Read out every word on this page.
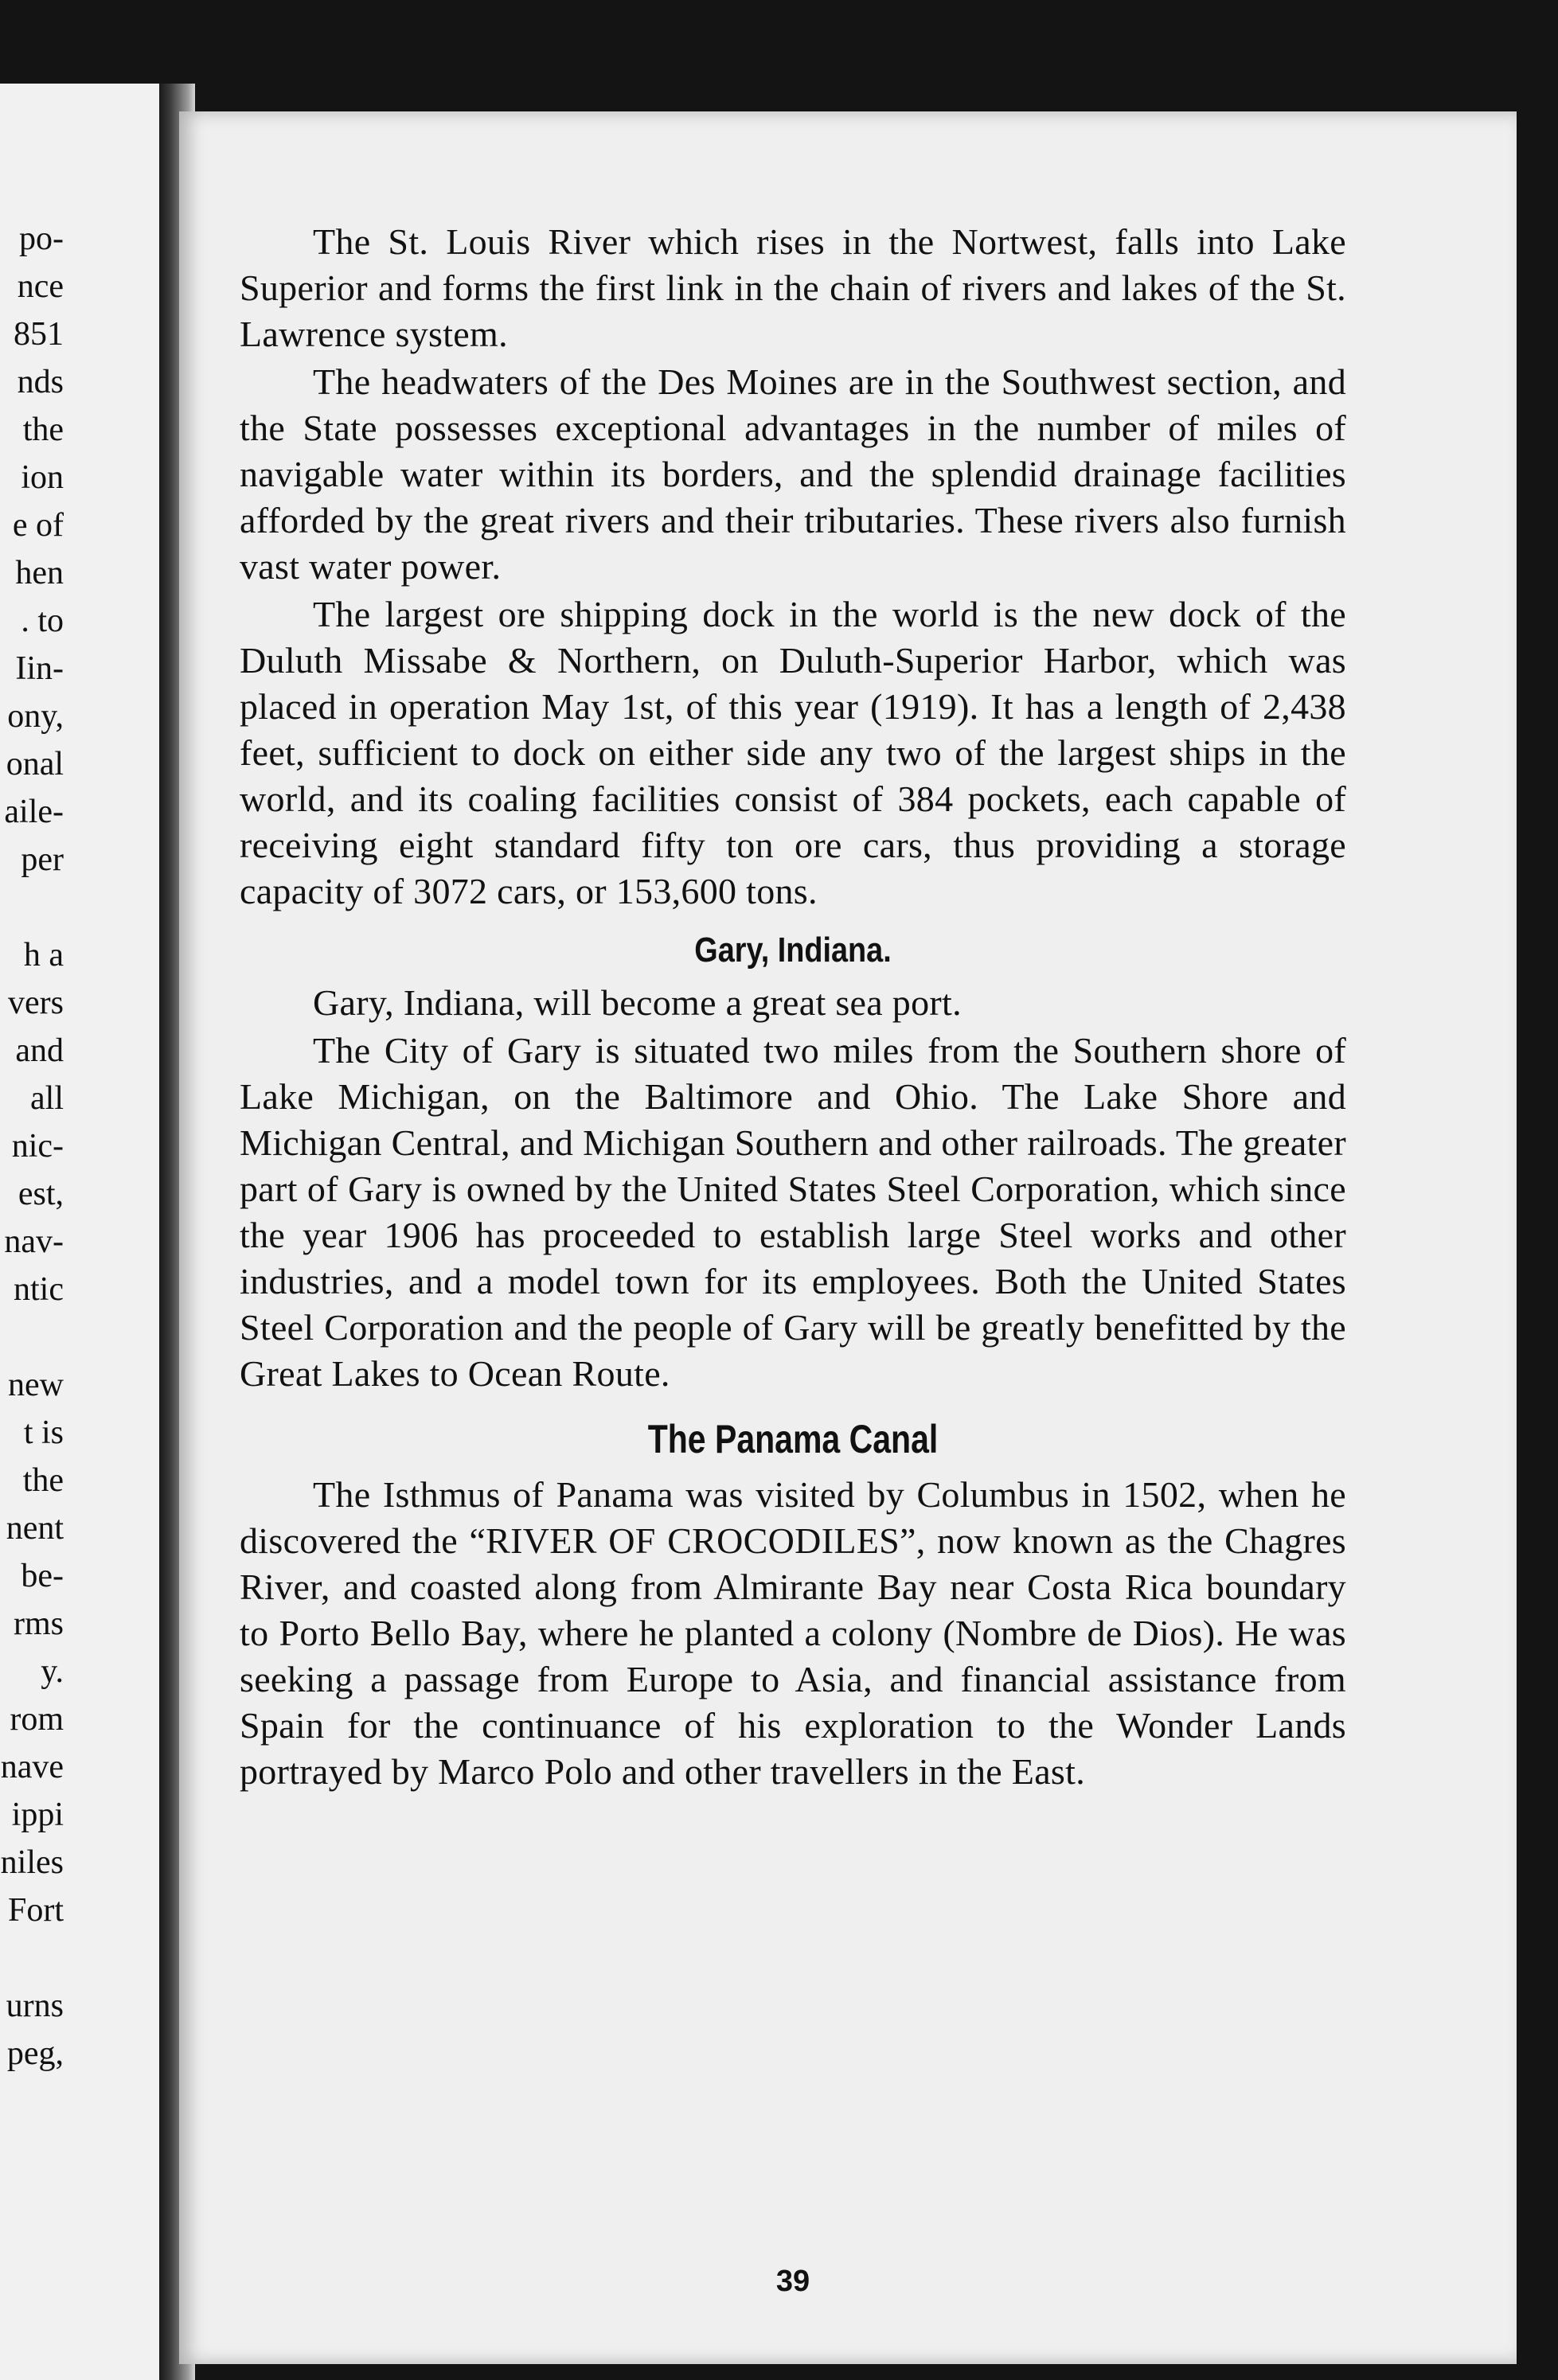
po-
nce
851
nds
the
ion
e of
hen
. to
Iin-
ony,
onal
aile-
per
h a
vers
and
all
nic-
est,
nav-
ntic
new
t is
the
nent
be-
rms
y.
rom
nave
ippi
niles
Fort
urns
peg,

The St. Louis River which rises in the Nortwest, falls into Lake Superior and forms the first link in the chain of rivers and lakes of the St. Lawrence system.

The headwaters of the Des Moines are in the Southwest section, and the State possesses exceptional advantages in the number of miles of navigable water within its borders, and the splendid drainage facilities afforded by the great rivers and their tributaries. These rivers also furnish vast water power.

The largest ore shipping dock in the world is the new dock of the Duluth Missabe & Northern, on Duluth-Superior Harbor, which was placed in operation May 1st, of this year (1919). It has a length of 2,438 feet, sufficient to dock on either side any two of the largest ships in the world, and its coaling facilities consist of 384 pockets, each capable of receiving eight standard fifty ton ore cars, thus providing a storage capacity of 3072 cars, or 153,600 tons.

Gary, Indiana.

Gary, Indiana, will become a great sea port.

The City of Gary is situated two miles from the Southern shore of Lake Michigan, on the Baltimore and Ohio. The Lake Shore and Michigan Central, and Michigan Southern and other railroads. The greater part of Gary is owned by the United States Steel Corporation, which since the year 1906 has proceeded to establish large Steel works and other industries, and a model town for its employees. Both the United States Steel Corporation and the people of Gary will be greatly benefitted by the Great Lakes to Ocean Route.

The Panama Canal

The Isthmus of Panama was visited by Columbus in 1502, when he discovered the “RIVER OF CROCODILES”, now known as the Chagres River, and coasted along from Almirante Bay near Costa Rica boundary to Porto Bello Bay, where he planted a colony (Nombre de Dios). He was seeking a passage from Europe to Asia, and financial assistance from Spain for the continuance of his exploration to the Wonder Lands portrayed by Marco Polo and other travellers in the East.

39
